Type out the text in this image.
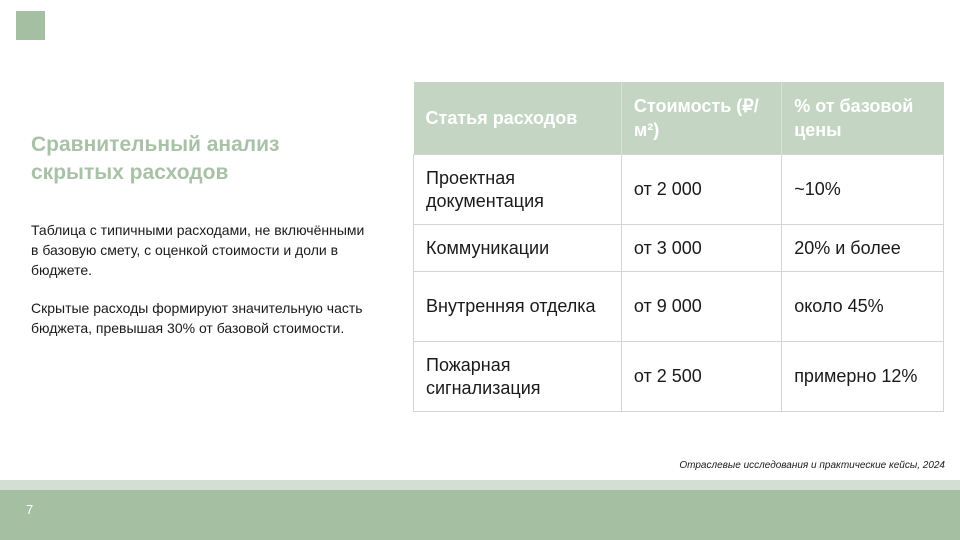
Сравнительный анализ скрытых расходов

Таблица с типичными расходами, не включёнными в базовую смету, с оценкой стоимости и доли в бюджете.

Скрытые расходы формируют значительную часть бюджета, превышая 30% от базовой стоимости.

Статья расходов	Стоимость (₽/м²)	% от базовой цены
Проектная документация	от 2 000	~10%
Коммуникации	от 3 000	20% и более
Внутренняя отделка	от 9 000	около 45%
Пожарная сигнализация	от 2 500	примерно 12%
Отраслевые исследования и практические кейсы, 2024
7
